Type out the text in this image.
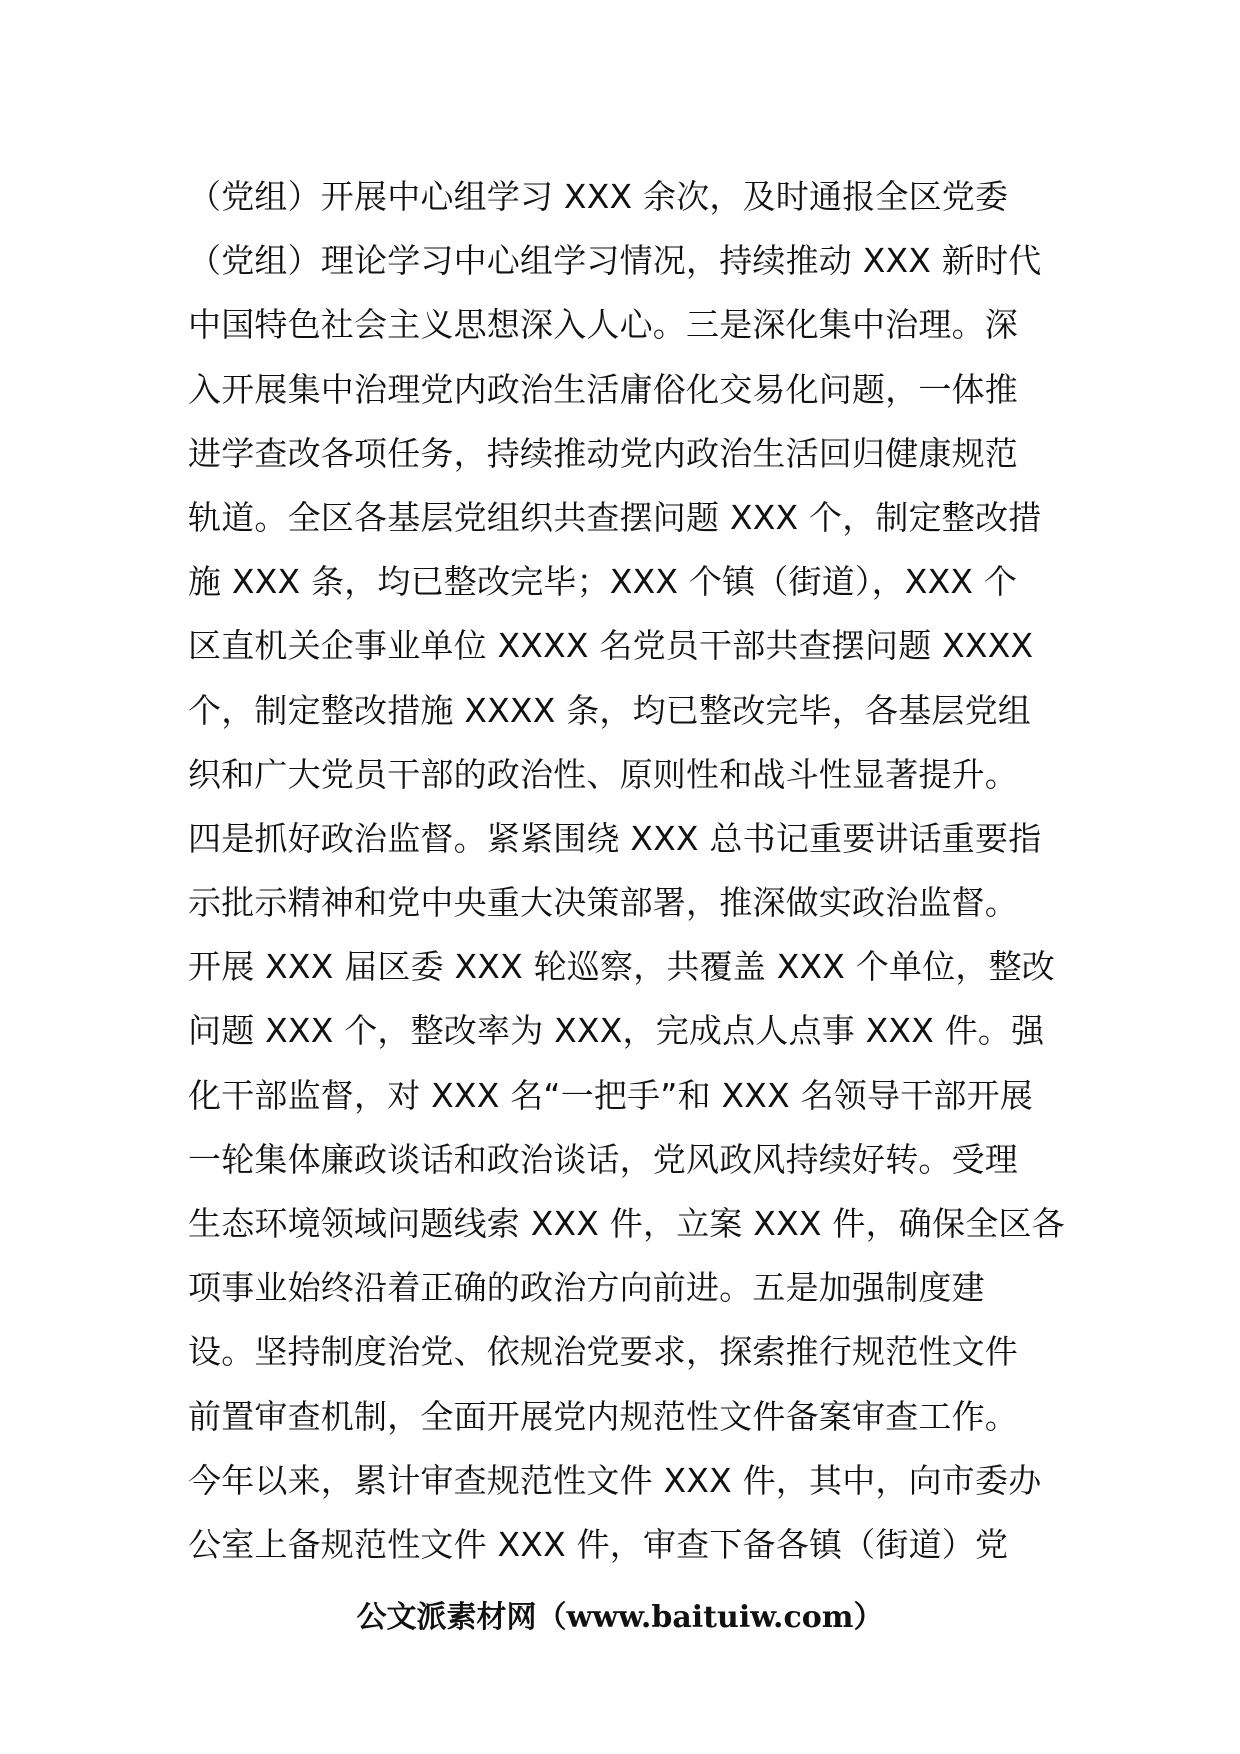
（党组）开展中心组学习 XXX 余次，及时通报全区党委
（党组）理论学习中心组学习情况，持续推动 XXX 新时代
中国特色社会主义思想深入人心。三是深化集中治理。深
入开展集中治理党内政治生活庸俗化交易化问题，一体推
进学查改各项任务，持续推动党内政治生活回归健康规范
轨道。全区各基层党组织共查摆问题 XXX 个，制定整改措
施 XXX 条，均已整改完毕；XXX 个镇（街道），XXX 个
区直机关企事业单位 XXXX 名党员干部共查摆问题 XXXX
个，制定整改措施 XXXX 条，均已整改完毕，各基层党组
织和广大党员干部的政治性、原则性和战斗性显著提升。
四是抓好政治监督。紧紧围绕 XXX 总书记重要讲话重要指
示批示精神和党中央重大决策部署，推深做实政治监督。
开展 XXX 届区委 XXX 轮巡察，共覆盖 XXX 个单位，整改
问题 XXX 个，整改率为 XXX，完成点人点事 XXX 件。强
化干部监督，对 XXX 名“一把手”和 XXX 名领导干部开展
一轮集体廉政谈话和政治谈话，党风政风持续好转。受理
生态环境领域问题线索 XXX 件，立案 XXX 件，确保全区各
项事业始终沿着正确的政治方向前进。五是加强制度建
设。坚持制度治党、依规治党要求，探索推行规范性文件
前置审查机制，全面开展党内规范性文件备案审查工作。
今年以来，累计审查规范性文件 XXX 件，其中，向市委办
公室上备规范性文件 XXX 件，审查下备各镇（街道）党
公文派素材网（www.baituiw.com）
